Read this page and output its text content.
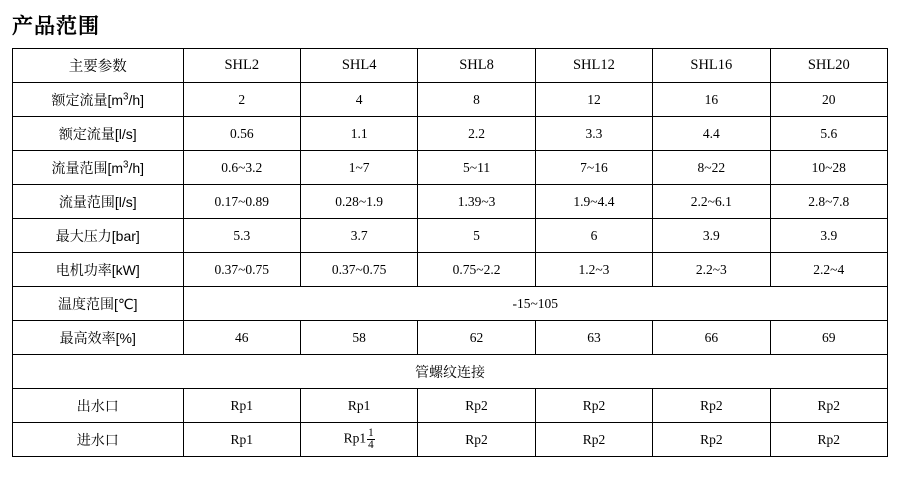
产品范围
主要参数	SHL2	SHL4	SHL8	SHL12	SHL16	SHL20
额定流量$[m^3/h]$	2	4	8	12	16	20
额定流量[l/s]	0.56	1.1	2.2	3.3	4.4	5.6
流量范围$[m^3/h]$	0.6~3.2	1~7	5~11	7~16	8~22	10~28
流量范围[l/s]	0.17~0.89	0.28~1.9	1.39~3	1.9~4.4	2.2~6.1	2.8~7.8
最大压力[bar]	5.3	3.7	5	6	3.9	3.9
电机功率[kW]	0.37~0.75	0.37~0.75	0.75~2.2	1.2~3	2.2~3	2.2~4
温度范围[℃]	-15~105					
最高效率[%]	46	58	62	63	66	69
管螺纹连接						
出水口	Rp1	Rp1	Rp2	Rp2	Rp2	Rp2
进水口	Rp1	$Rp1 \frac{1}{4}$	Rp2	Rp2	Rp2	Rp2
